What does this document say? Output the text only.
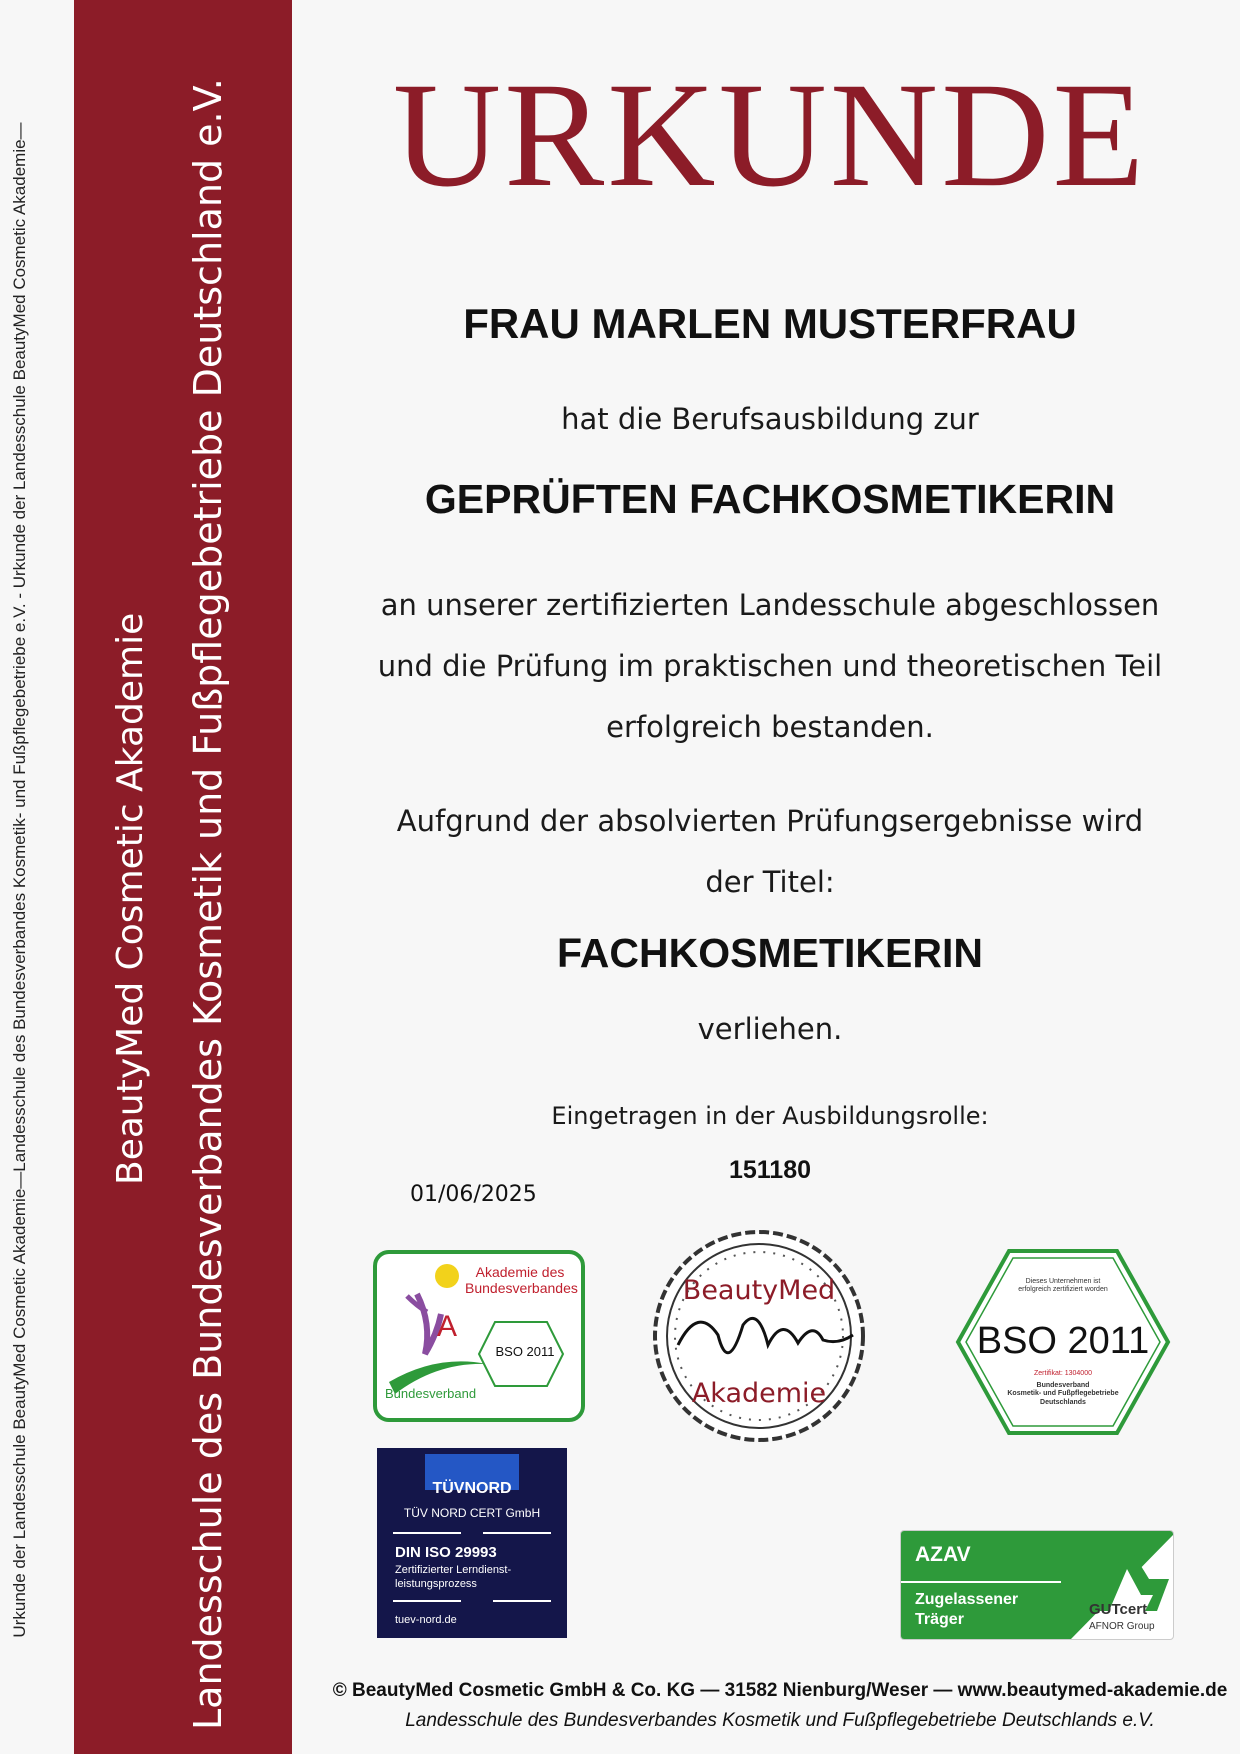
Urkunde der Landesschule BeautyMed Cosmetic Akademie—Landesschule des Bundesverbandes Kosmetik- und Fußpflegebetriebe e.V. - Urkunde der Landesschule BeautyMed Cosmetic Akademie— BeautyMed Cosmetic Akademie Landesschule des Bundesverbandes Kosmetik und Fußpflegebetriebe Deutschland e.V.	URKUNDE
FRAU MARLEN MUSTERFRAU
hat die Berufsausbildung zur
GEPRÜFTEN FACHKOSMETIKERIN
an unserer zertifizierten Landesschule abgeschlossen
und die Prüfung im praktischen und theoretischen Teil
erfolgreich bestanden.
Aufgrund der absolvierten Prüfungsergebnisse wird
der Titel:
FACHKOSMETIKERIN
verliehen.
Eingetragen in der Ausbildungsrolle:
151180
01/06/2025
Akademie des
Bundesverbandes
A
BSO 2011
Bundesverband
BeautyMed
Akademie
Dieses Unternehmen ist
erfolgreich zertifiziert worden
BSO 2011
Zertifikat: 1304000
Bundesverband
Kosmetik- und Fußpflegebetriebe
Deutschlands
TÜVNORD
TÜV NORD CERT GmbH
DIN ISO 29993
Zertifizierter Lerndienst-
leistungsprozess
tuev-nord.de
AZAV
Zugelassener
Träger
GUTcert
AFNOR Group
© BeautyMed Cosmetic GmbH & Co. KG — 31582 Nienburg/Weser — www.beautymed-akademie.de
Landesschule des Bundesverbandes Kosmetik und Fußpflegebetriebe Deutschlands e.V.
